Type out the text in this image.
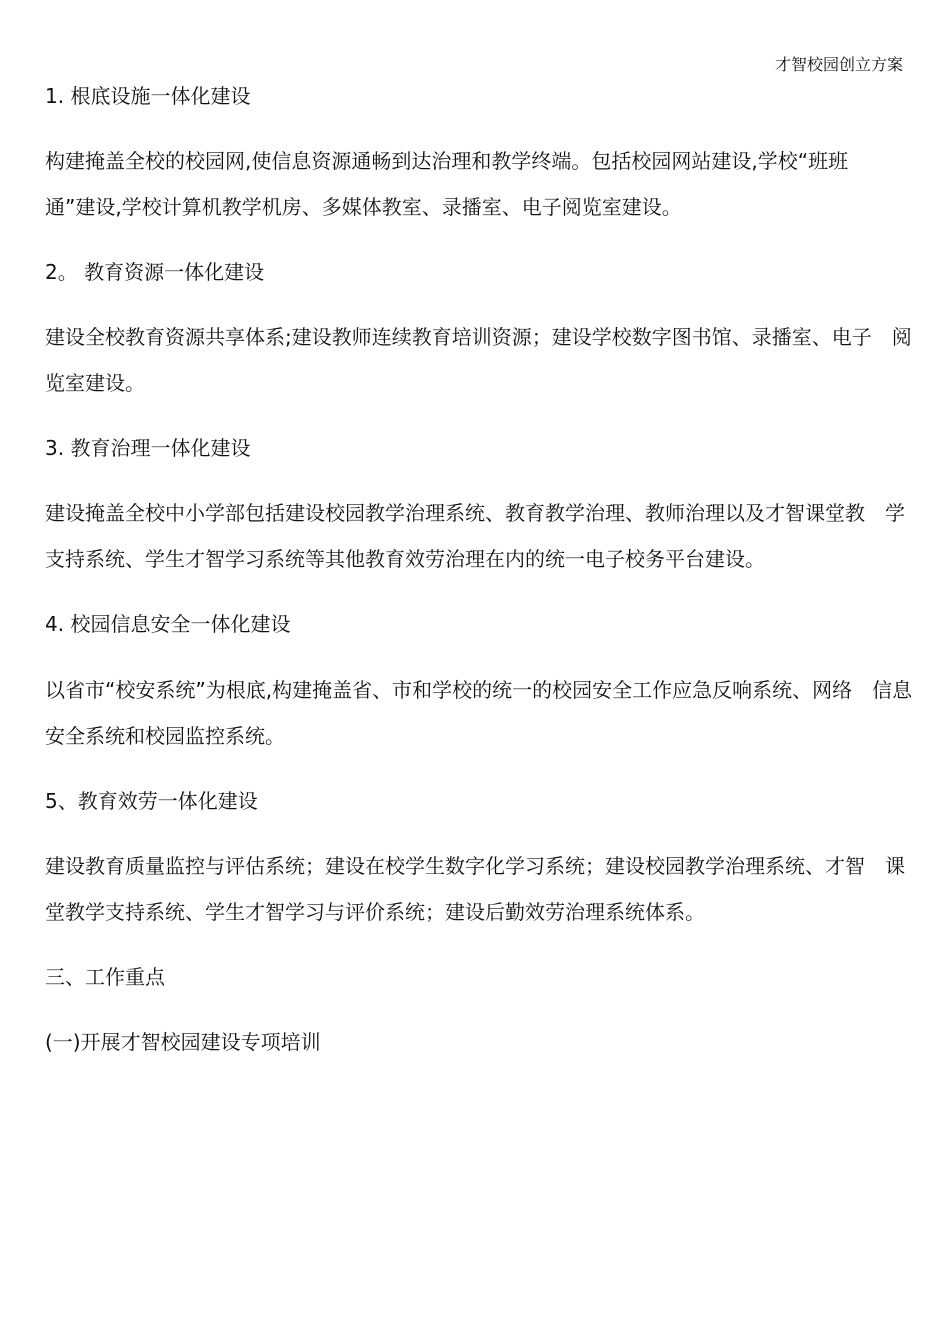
才智校园创立方案
1. 根底设施一体化建设
构建掩盖全校的校园网,使信息资源通畅到达治理和教学终端。包括校园网站建设,学校“班班
通”建设,学校计算机教学机房、多媒体教室、录播室、电子阅览室建设。
2。 教育资源一体化建设
建设全校教育资源共享体系;建设教师连续教育培训资源；建设学校数字图书馆、录播室、电子　阅
览室建设。
3. 教育治理一体化建设
建设掩盖全校中小学部包括建设校园教学治理系统、教育教学治理、教师治理以及才智课堂教　学
支持系统、学生才智学习系统等其他教育效劳治理在内的统一电子校务平台建设。
4. 校园信息安全一体化建设
以省市“校安系统”为根底,构建掩盖省、市和学校的统一的校园安全工作应急反响系统、网络　信息
安全系统和校园监控系统。
5、教育效劳一体化建设
建设教育质量监控与评估系统；建设在校学生数字化学习系统；建设校园教学治理系统、才智　课
堂教学支持系统、学生才智学习与评价系统；建设后勤效劳治理系统体系。
三、工作重点
(一)开展才智校园建设专项培训
